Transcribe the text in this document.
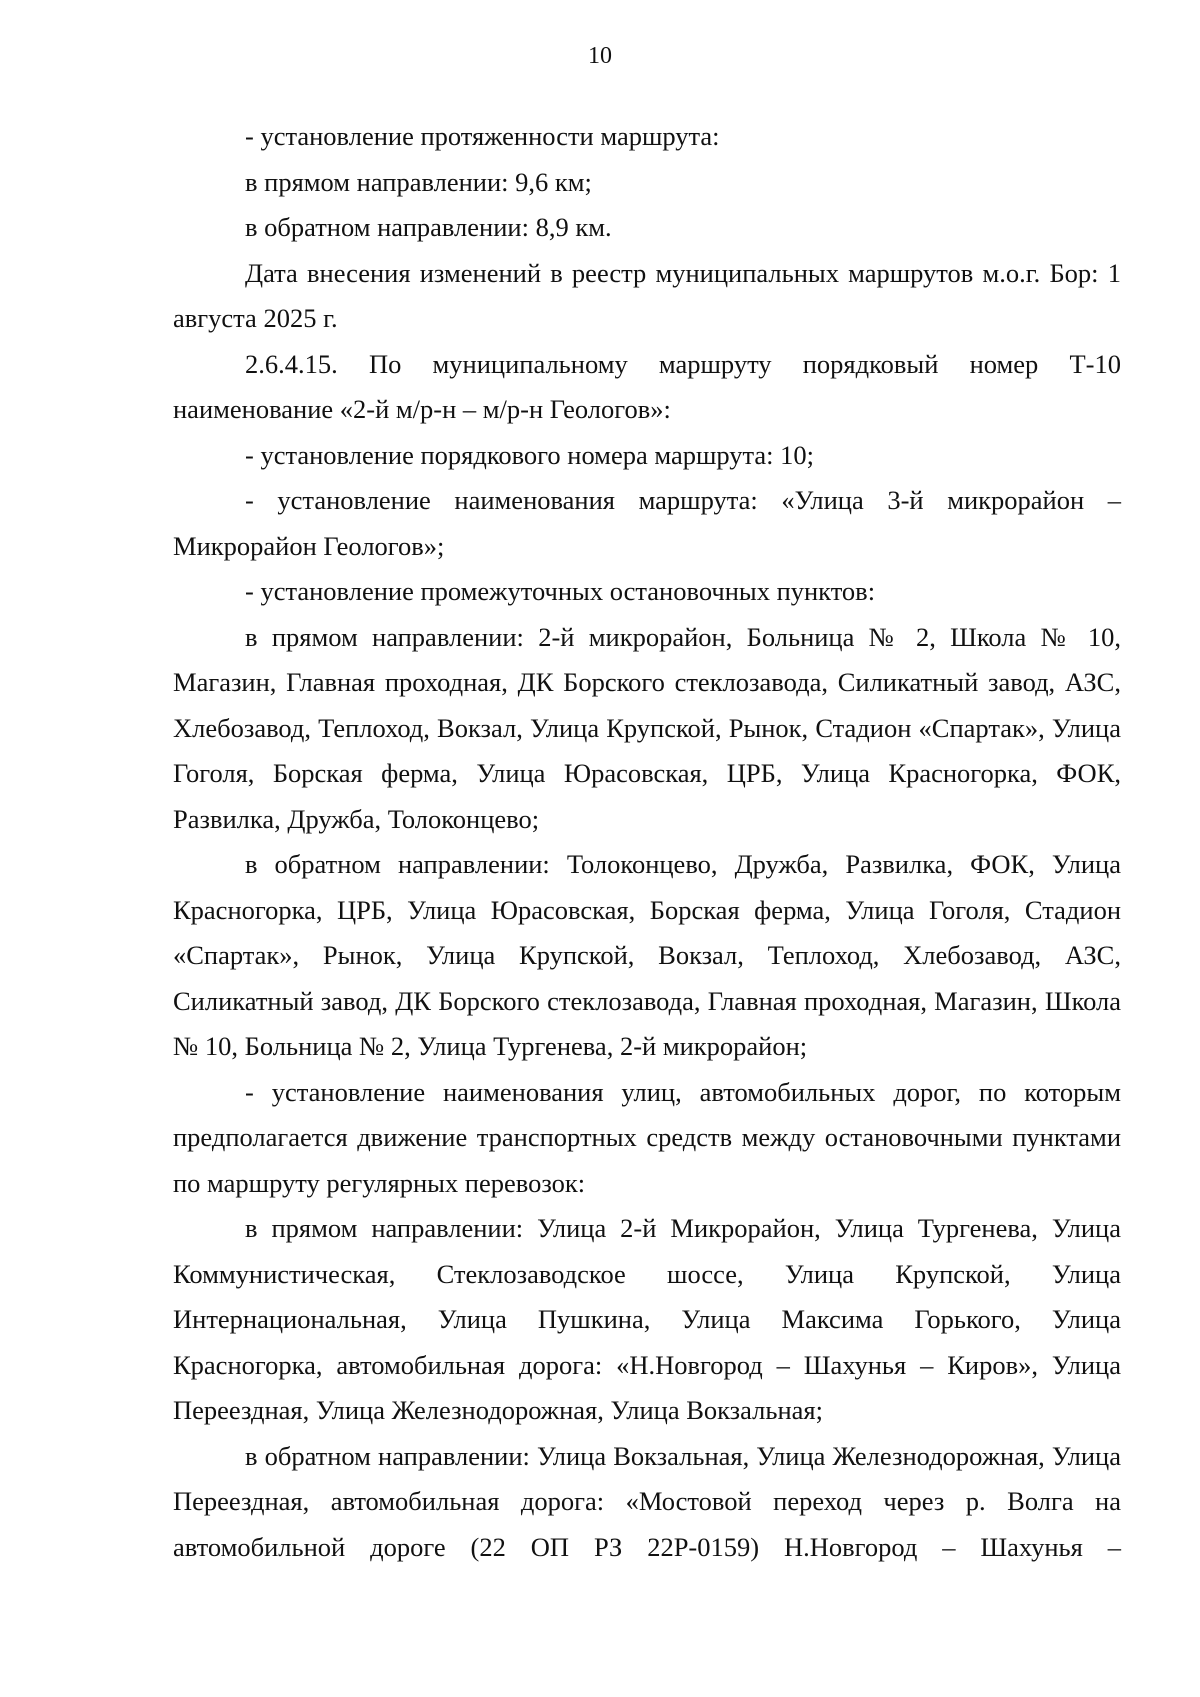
10

- установление протяженности маршрута:

в прямом направлении: 9,6 км;

в обратном направлении: 8,9 км.

Дата внесения изменений в реестр муниципальных маршрутов м.о.г. Бор: 1 августа 2025 г.

2.6.4.15. По муниципальному маршруту порядковый номер Т-10 наименование «2-й м/р-н – м/р-н Геологов»:

- установление порядкового номера маршрута: 10;

- установление наименования маршрута: «Улица 3-й микрорайон – Микрорайон Геологов»;

- установление промежуточных остановочных пунктов:

в прямом направлении: 2-й микрорайон, Больница № 2, Школа № 10, Магазин, Главная проходная, ДК Борского стеклозавода, Силикатный завод, АЗС, Хлебозавод, Теплоход, Вокзал, Улица Крупской, Рынок, Стадион «Спартак», Улица Гоголя, Борская ферма, Улица Юрасовская, ЦРБ, Улица Красногорка, ФОК, Развилка, Дружба, Толоконцево;

в обратном направлении: Толоконцево, Дружба, Развилка, ФОК, Улица Красногорка, ЦРБ, Улица Юрасовская, Борская ферма, Улица Гоголя, Стадион «Спартак», Рынок, Улица Крупской, Вокзал, Теплоход, Хлебозавод, АЗС, Силикатный завод, ДК Борского стеклозавода, Главная проходная, Магазин, Школа № 10, Больница № 2, Улица Тургенева, 2-й микрорайон;

- установление наименования улиц, автомобильных дорог, по которым предполагается движение транспортных средств между остановочными пунктами по маршруту регулярных перевозок:

в прямом направлении: Улица 2-й Микрорайон, Улица Тургенева, Улица Коммунистическая, Стеклозаводское шоссе, Улица Крупской, Улица Интернациональная, Улица Пушкина, Улица Максима Горького, Улица Красногорка, автомобильная дорога: «Н.Новгород – Шахунья – Киров», Улица Переездная, Улица Железнодорожная, Улица Вокзальная;

в обратном направлении: Улица Вокзальная, Улица Железнодорожная, Улица Переездная, автомобильная дорога: «Мостовой переход через р. Волга на автомобильной дороге (22 ОП РЗ 22Р-0159) Н.Новгород – Шахунья –
